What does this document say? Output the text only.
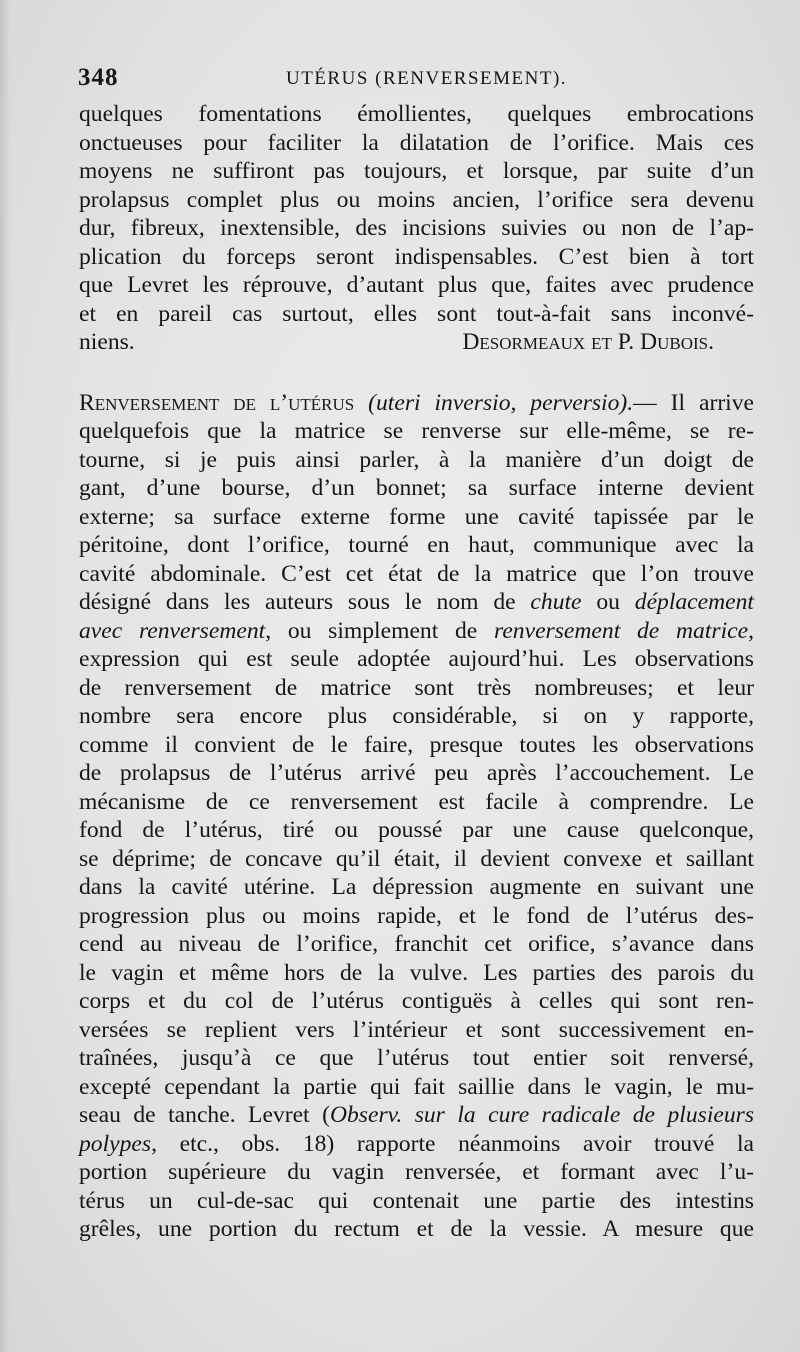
348	UTÉRUS (RENVERSEMENT).
quelques fomentations émollientes, quelques embrocations
onctueuses pour faciliter la dilatation de l’orifice. Mais ces
moyens ne suffiront pas toujours, et lorsque, par suite d’un
prolapsus complet plus ou moins ancien, l’orifice sera devenu
dur, fibreux, inextensible, des incisions suivies ou non de l’ap-
plication du forceps seront indispensables. C’est bien à tort
que Levret les réprouve, d’autant plus que, faites avec prudence
et en pareil cas surtout, elles sont tout-à-fait sans inconvé-
niens.	Desormeaux et P. Dubois.
Renversement de l’utérus (uteri inversio, perversio).— Il arrive
quelquefois que la matrice se renverse sur elle-même, se re-
tourne, si je puis ainsi parler, à la manière d’un doigt de
gant, d’une bourse, d’un bonnet; sa surface interne devient
externe; sa surface externe forme une cavité tapissée par le
péritoine, dont l’orifice, tourné en haut, communique avec la
cavité abdominale. C’est cet état de la matrice que l’on trouve
désigné dans les auteurs sous le nom de chute ou déplacement
avec renversement, ou simplement de renversement de matrice,
expression qui est seule adoptée aujourd’hui. Les observations
de renversement de matrice sont très nombreuses; et leur
nombre sera encore plus considérable, si on y rapporte,
comme il convient de le faire, presque toutes les observations
de prolapsus de l’utérus arrivé peu après l’accouchement. Le
mécanisme de ce renversement est facile à comprendre. Le
fond de l’utérus, tiré ou poussé par une cause quelconque,
se déprime; de concave qu’il était, il devient convexe et saillant
dans la cavité utérine. La dépression augmente en suivant une
progression plus ou moins rapide, et le fond de l’utérus des-
cend au niveau de l’orifice, franchit cet orifice, s’avance dans
le vagin et même hors de la vulve. Les parties des parois du
corps et du col de l’utérus contiguës à celles qui sont ren-
versées se replient vers l’intérieur et sont successivement en-
traînées, jusqu’à ce que l’utérus tout entier soit renversé,
excepté cependant la partie qui fait saillie dans le vagin, le mu-
seau de tanche. Levret (Observ. sur la cure radicale de plusieurs
polypes, etc., obs. 18) rapporte néanmoins avoir trouvé la
portion supérieure du vagin renversée, et formant avec l’u-
térus un cul-de-sac qui contenait une partie des intestins
grêles, une portion du rectum et de la vessie. A mesure que
